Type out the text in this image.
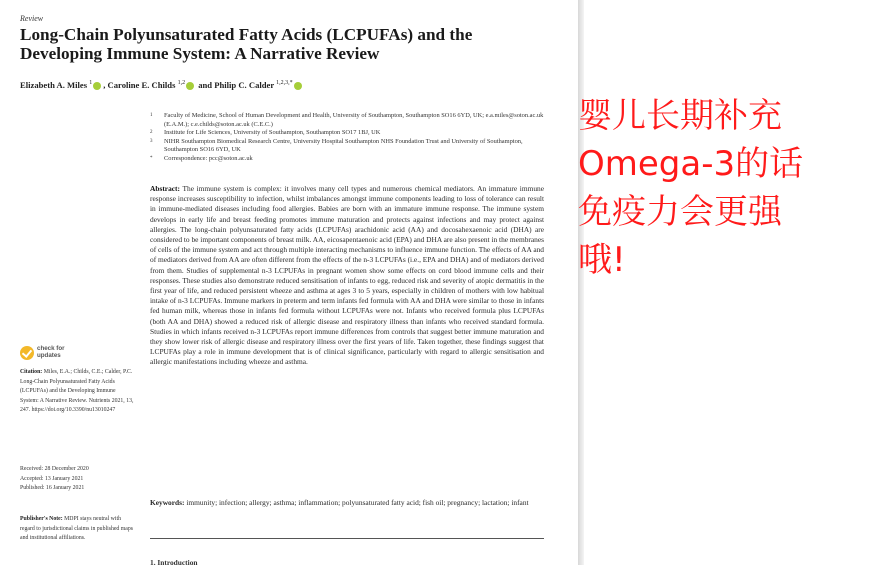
Review
Long-Chain Polyunsaturated Fatty Acids (LCPUFAs) and the Developing Immune System: A Narrative Review
Elizabeth A. Miles $^1$ , Caroline E. Childs $^{1,2}$ and Philip C. Calder $^{1,2,3,*}$
1	Faculty of Medicine, School of Human Development and Health, University of Southampton, Southampton SO16 6YD, UK; e.a.miles@soton.ac.uk (E.A.M.); c.e.childs@soton.ac.uk (C.E.C.)
2	Institute for Life Sciences, University of Southampton, Southampton SO17 1BJ, UK
3	NIHR Southampton Biomedical Research Centre, University Hospital Southampton NHS Foundation Trust and University of Southampton, Southampton SO16 6YD, UK
*	Correspondence: pcc@soton.ac.uk
Abstract: The immune system is complex: it involves many cell types and numerous chemical mediators. An immature immune response increases susceptibility to infection, whilst imbalances amongst immune components leading to loss of tolerance can result in immune-mediated diseases including food allergies. Babies are born with an immature immune response. The immune system develops in early life and breast feeding promotes immune maturation and protects against infections and may protect against allergies. The long-chain polyunsaturated fatty acids (LCPUFAs) arachidonic acid (AA) and docosahexaenoic acid (DHA) are considered to be important components of breast milk. AA, eicosapentaenoic acid (EPA) and DHA are also present in the membranes of cells of the immune system and act through multiple interacting mechanisms to influence immune function. The effects of AA and of mediators derived from AA are often different from the effects of the n-3 LCPUFAs (i.e., EPA and DHA) and of mediators derived from them. Studies of supplemental n-3 LCPUFAs in pregnant women show some effects on cord blood immune cells and their responses. These studies also demonstrate reduced sensitisation of infants to egg, reduced risk and severity of atopic dermatitis in the first year of life, and reduced persistent wheeze and asthma at ages 3 to 5 years, especially in children of mothers with low habitual intake of n-3 LCPUFAs. Immune markers in preterm and term infants fed formula with AA and DHA were similar to those in infants fed human milk, whereas those in infants fed formula without LCPUFAs were not. Infants who received formula plus LCPUFAs (both AA and DHA) showed a reduced risk of allergic disease and respiratory illness than infants who received standard formula. Studies in which infants received n-3 LCPUFAs report immune differences from controls that suggest better immune maturation and they show lower risk of allergic disease and respiratory illness over the first years of life. Taken together, these findings suggest that LCPUFAs play a role in immune development that is of clinical significance, particularly with regard to allergic sensitisation and allergic manifestations including wheeze and asthma.
Keywords: immunity; infection; allergy; asthma; inflammation; polyunsaturated fatty acid; fish oil; pregnancy; lactation; infant
1. Introduction
check for
updates
Citation: Miles, E.A.; Childs, C.E.; Calder, P.C. Long-Chain Polyunsaturated Fatty Acids (LCPUFAs) and the Developing Immune System: A Narrative Review. Nutrients 2021, 13, 247. https://doi.org/10.3390/nu13010247
Received: 28 December 2020
Accepted: 13 January 2021
Published: 16 January 2021
Publisher's Note: MDPI stays neutral with regard to jurisdictional claims in published maps and institutional affiliations.
婴儿长期补充
Omega-3的话
免疫力会更强
哦!
